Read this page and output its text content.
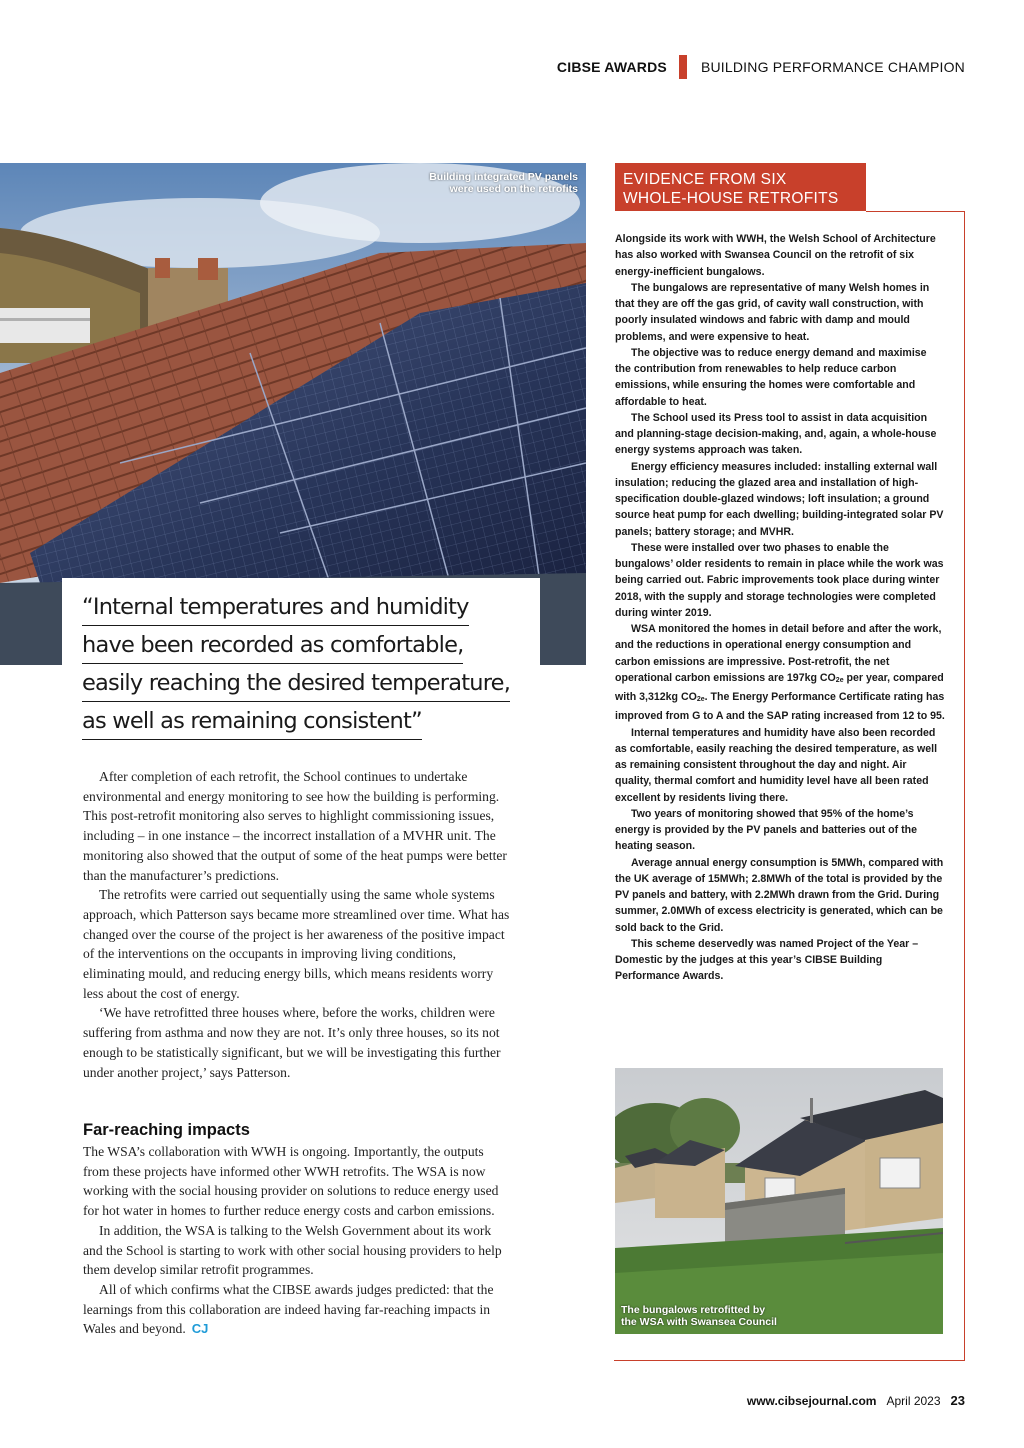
CIBSE AWARDS BUILDING PERFORMANCE CHAMPION
Building integrated PV panels
were used on the retrofits
“Internal temperatures and humidity
have been recorded as comfortable,
easily reaching the desired temperature,
as well as remaining consistent”

After completion of each retrofit, the School continues to undertake environmental and energy monitoring to see how the building is performing. This post-retrofit monitoring also serves to highlight commissioning issues, including – in one instance – the incorrect installation of a MVHR unit. The monitoring also showed that the output of some of the heat pumps were better than the manufacturer’s predictions.

The retrofits were carried out sequentially using the same whole systems approach, which Patterson says became more streamlined over time. What has changed over the course of the project is her awareness of the positive impact of the interventions on the occupants in improving living conditions, eliminating mould, and reducing energy bills, which means residents worry less about the cost of energy.

‘We have retrofitted three houses where, before the works, children were suffering from asthma and now they are not. It’s only three houses, so its not enough to be statistically significant, but we will be investigating this further under another project,’ says Patterson.

Far-reaching impacts

The WSA’s collaboration with WWH is ongoing. Importantly, the outputs from these projects have informed other WWH retrofits. The WSA is now working with the social housing provider on solutions to reduce energy used for hot water in homes to further reduce energy costs and carbon emissions.

In addition, the WSA is talking to the Welsh Government about its work and the School is starting to work with other social housing providers to help them develop similar retrofit programmes.

All of which confirms what the CIBSE awards judges predicted: that the learnings from this collaboration are indeed having far-reaching impacts in Wales and beyond. CJ

EVIDENCE FROM SIX
WHOLE-HOUSE RETROFITS

Alongside its work with WWH, the Welsh School of Architecture has also worked with Swansea Council on the retrofit of six energy-inefficient bungalows.

The bungalows are representative of many Welsh homes in that they are off the gas grid, of cavity wall construction, with poorly insulated windows and fabric with damp and mould problems, and were expensive to heat.

The objective was to reduce energy demand and maximise the contribution from renewables to help reduce carbon emissions, while ensuring the homes were comfortable and affordable to heat.

The School used its Press tool to assist in data acquisition and planning-stage decision-making, and, again, a whole-house energy systems approach was taken.

Energy efficiency measures included: installing external wall insulation; reducing the glazed area and installation of high-specification double-glazed windows; loft insulation; a ground source heat pump for each dwelling; building-integrated solar PV panels; battery storage; and MVHR.

These were installed over two phases to enable the bungalows’ older residents to remain in place while the work was being carried out. Fabric improvements took place during winter 2018, with the supply and storage technologies were completed during winter 2019.

WSA monitored the homes in detail before and after the work, and the reductions in operational energy consumption and carbon emissions are impressive. Post-retrofit, the net operational carbon emissions are 197kg $CO_{2e}$ per year, compared with 3,312kg $CO_{2e}$. The Energy Performance Certificate rating has improved from G to A and the SAP rating increased from 12 to 95.

Internal temperatures and humidity have also been recorded as comfortable, easily reaching the desired temperature, as well as remaining consistent throughout the day and night. Air quality, thermal comfort and humidity level have all been rated excellent by residents living there.

Two years of monitoring showed that 95% of the home’s energy is provided by the PV panels and batteries out of the heating season.

Average annual energy consumption is 5MWh, compared with the UK average of 15MWh; 2.8MWh of the total is provided by the PV panels and battery, with 2.2MWh drawn from the Grid. During summer, 2.0MWh of excess electricity is generated, which can be sold back to the Grid.

This scheme deservedly was named Project of the Year – Domestic by the judges at this year’s CIBSE Building Performance Awards.

The bungalows retrofitted by
the WSA with Swansea Council
www.cibsejournal.com April 2023 23
